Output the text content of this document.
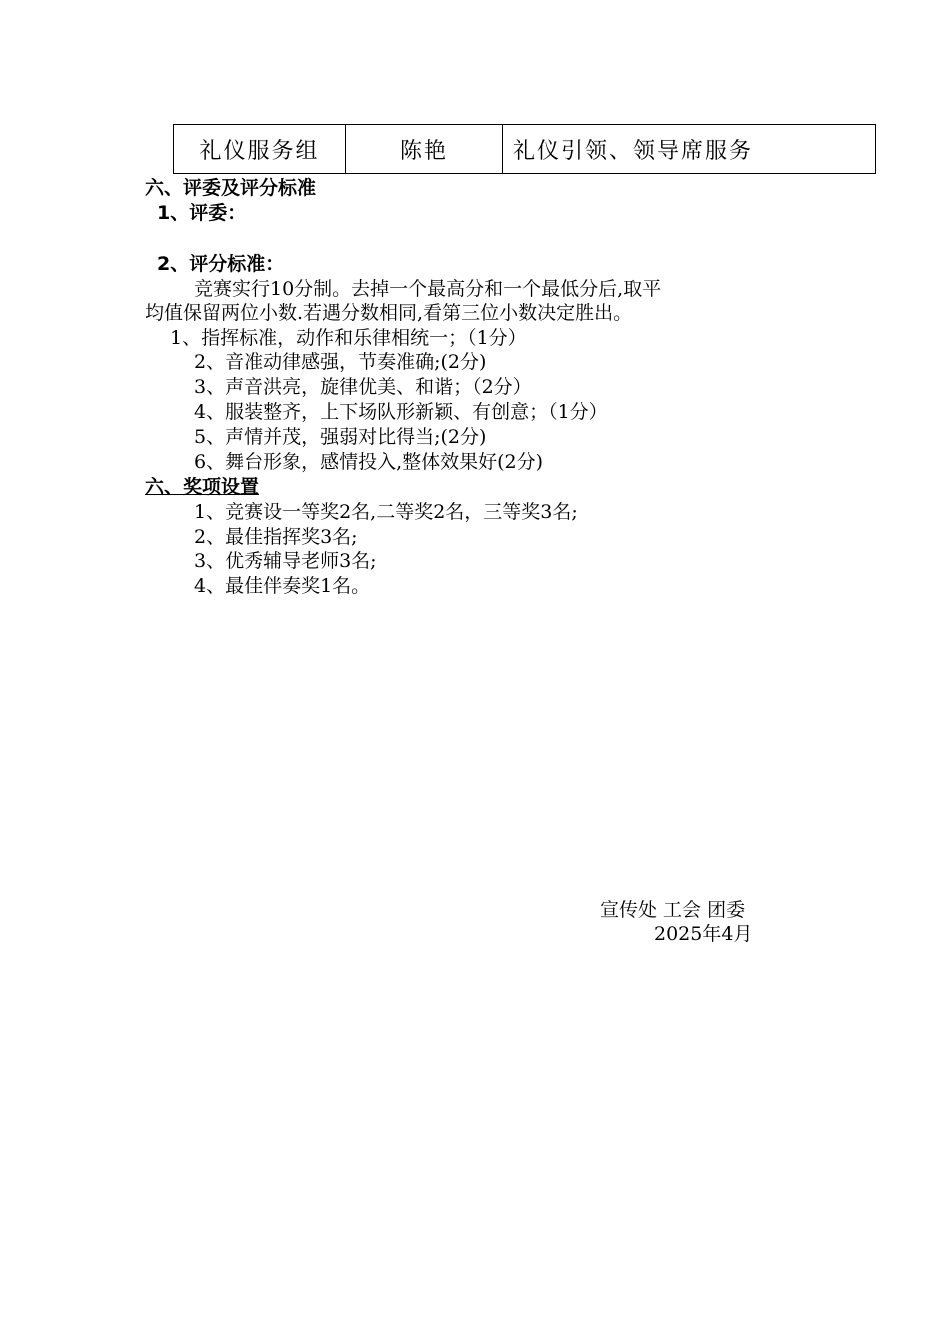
礼仪服务组	陈艳	礼仪引领、领导席服务
六、评委及评分标准
1、评委：
2、评分标准：
竞赛实行10分制。去掉一个最高分和一个最低分后,取平
均值保留两位小数.若遇分数相同,看第三位小数决定胜出。
1、指挥标准，动作和乐律相统一；（1分）
2、音准动律感强，节奏准确;(2分)
3、声音洪亮，旋律优美、和谐；（2分）
4、服装整齐，上下场队形新颖、有创意；（1分）
5、声情并茂，强弱对比得当;(2分)
6、舞台形象，感情投入,整体效果好(2分)
六、奖项设置
1、竞赛设一等奖2名,二等奖2名，三等奖3名;
2、最佳指挥奖3名;
3、优秀辅导老师3名;
4、最佳伴奏奖1名。
宣传处 工会 团委
2025年4月
